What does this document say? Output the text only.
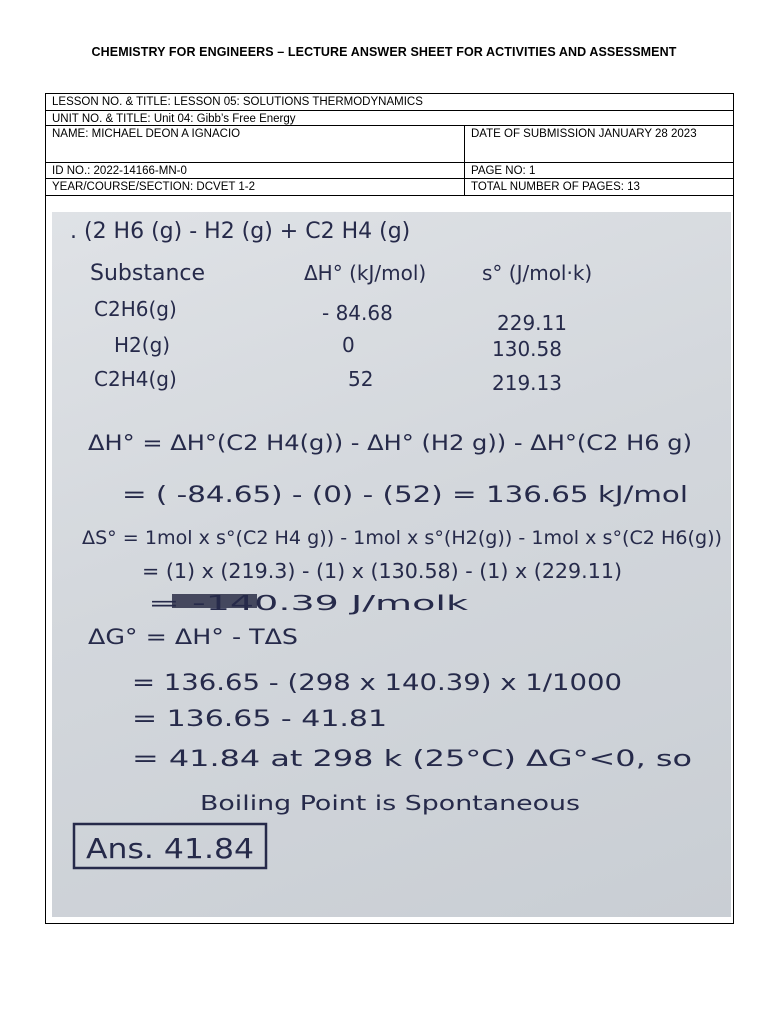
CHEMISTRY FOR ENGINEERS – LECTURE ANSWER SHEET FOR ACTIVITIES AND ASSESSMENT
LESSON NO. & TITLE: LESSON 05: SOLUTIONS THERMODYNAMICS
UNIT NO. & TITLE: Unit 04: Gibb’s Free Energy
NAME: MICHAEL DEON A IGNACIO	DATE OF SUBMISSION JANUARY 28 2023
ID NO.: 2022-14166-MN-0	PAGE NO: 1
YEAR/COURSE/SECTION: DCVET 1-2	TOTAL NUMBER OF PAGES: 13
. (2 H6 (g) - H2 (g) + C2 H4 (g)
Substance	ΔH° (kJ/mol)	s° (J/mol·k)
C2H6(g)	- 84.68	229.11
H2(g)	0	130.58
C2H4(g)	52	219.13
ΔH° = ΔH°(C2 H4(g)) - ΔH° (H2 g)) - ΔH°(C2 H6 g)
= ( -84.65) - (0) - (52) = 136.65 kJ/mol
ΔS° = 1mol x s°(C2 H4 g)) - 1mol x s°(H2(g)) - 1mol x s°(C2 H6(g))
= (1) x (219.3) - (1) x (130.58) - (1) x (229.11)
= -140.39 J/molk
ΔG° = ΔH° - TΔS
= 136.65 - (298 x 140.39) x 1/1000
= 136.65 - 41.81
= 41.84 at 298 k (25°C) ΔG°<0, so
Boiling Point is Spontaneous
Ans. 41.84
